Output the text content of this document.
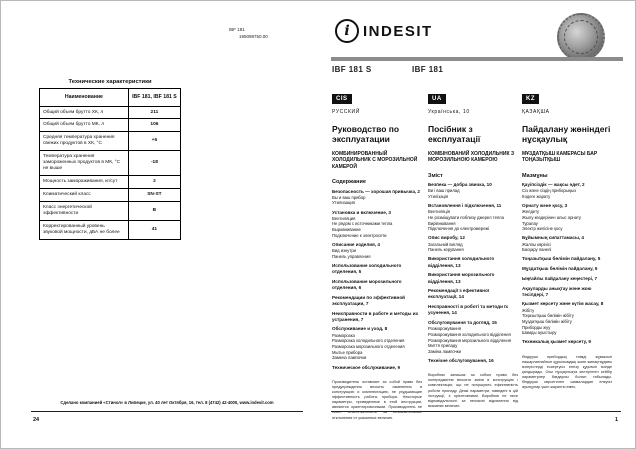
IBF 181
195098750.00
Технические характеристики
Наименование	IBF 181, IBF 181 S
Общий объем брутто ХК, л	211
Общий объем брутто МК, л	106
Средняя температура хранения свежих продуктов в ХК, °С	+5
Температура хранения замороженных продуктов в МК, °С не выше	-18
Мощность замораживания, кг/сут	2
Климатический класс	SN-ST
Класс энергетической эффективности	B
Корректированный уровень звуковой мощности, дБА не более	41
Сделано компанией «Стинол» в Липецке, ул. 40 лет Октября, 16, тел. 8 (4742) 42-4000, www.indesit.com
24
i INDESIT
IBF 181 S	IBF 181
CIS
РУССКИЙ
Руководство по эксплуатации
КОМБИНИРОВАННЫЙ ХОЛОДИЛЬНИК С МОРОЗИЛЬНОЙ КАМЕРОЙ
Содержание
Безопасность — хорошая привычка, 2
Вы и ваш прибор
Утилизация
Установка и включение, 3
Вентиляция
Не рядом с источниками тепла
Выравнивание
Подключение к электросети
Описание изделия, 4
Вид изнутри
Панель управления
Использование холодильного отделения, 5
Использование морозильного отделения, 6
Рекомендации по эффективной эксплуатации, 7
Неисправности в работе и методы их устранения, 7
Обслуживание и уход, 8
Разморозка
Разморозка холодильного отделения
Разморозка морозильного отделения
Мытье прибора
Замена лампочки
Техническое обслуживание, 9
Производитель оставляет за собой право без предупреждения вносить изменения в конструкцию и комплектацию, не ухудшающие эффективность работы прибора. Некоторые параметры, приведенные в этой инструкции, являются ориентировочными. Производитель не несет ответственности за незначительные отклонения от указанных величин.
UA
Українська, 10
Посібник з експлуатації
КОМБІНОВАНИЙ ХОЛОДИЛЬНИК З МОРОЗИЛЬНОЮ КАМЕРОЮ
Зміст
Безпека — добра звичка, 10
Ви і ваш прилад
Утилізація
Встановлення і підключення, 11
Вентиляція
Не розміщувати поблизу джерел тепла
Вирівнювання
Підключення до електромережі
Опис виробу, 12
Загальний вигляд
Панель керування
Використання холодильного відділення, 13
Використання морозильного відділення, 13
Рекомендації з ефективної експлуатації, 14
Несправності в роботі та методи їх усунення, 14
Обслуговування та догляд, 15
Розморожування
Розморожування холодильного відділення
Розморожування морозильного відділення
Миття приладу
Заміна лампочки
Технічне обслуговування, 16
Виробник залишає за собою право без попередження вносити зміни в конструкцію і комплектацію, що не погіршують ефективність роботи приладу. Деякі параметри, наведені в цій інструкції, є орієнтовними. Виробник не несе відповідальності за незначні відхилення від вказаних величин.
KZ
ҚАЗАҚША
Пайдалану жөніндегі нұсқаулық
МҰЗДАТҚЫШ КАМЕРАСЫ БАР ТОҢАЗЫТҚЫШ
Мазмұны
Қауіпсіздік — жақсы әдет, 2
Сіз және сіздің приборыңыз
Кәдеге жарату
Орнату және қосу, 3
Желдету
Жылу көздерінен алыс орнату
Туралау
Электр желісіне қосу
Бұйымның сипаттамасы, 4
Жалпы көрінісі
Басқару панелі
Тоңазытқыш бөлімін пайдалану, 5
Мұздатқыш бөлімін пайдалану, 6
Ыңғайлы пайдалану кеңестері, 7
Ақауларды анықтау және жою тәсілдері, 7
Қызмет көрсету және күтім жасау, 8
Жібіту
Тоңазытқыш бөлімін жібіту
Мұздатқыш бөлімін жібіту
Приборды жуу
Шамды ауыстыру
Техникалық қызмет көрсету, 9
Өндіруші прибордың тиімді жұмысын нашарлатпайтын құрылымдық және жинақтаудағы өзгерістерді ескертусіз енгізу құқығын өзінде қалдырады. Осы нұсқаулықта келтірілген кейбір параметрлер бағдарлы болып табылады. Өндіруші көрсетілген шамалардан елеусіз ауытқулар үшін жауапты емес.
1
